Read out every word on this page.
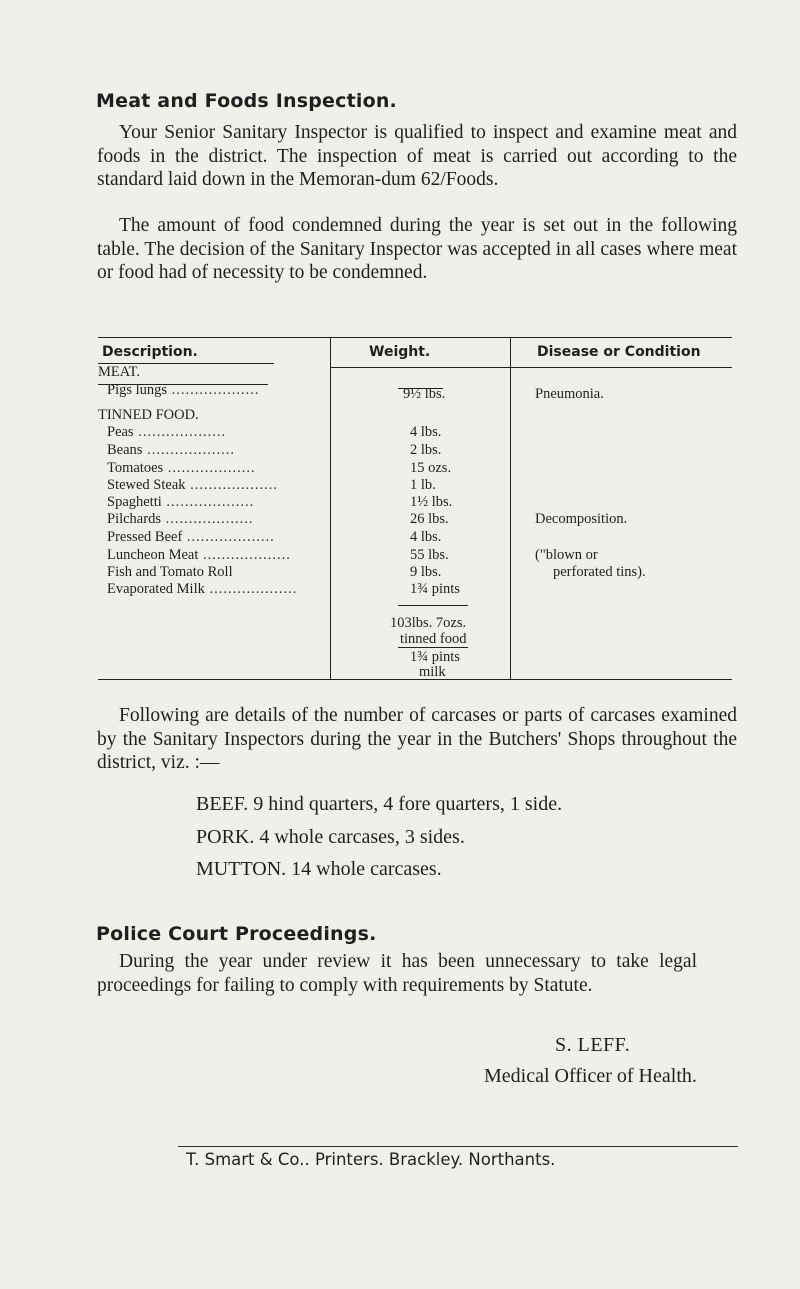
Meat and Foods Inspection.
Your Senior Sanitary Inspector is qualified to inspect and examine meat and foods in the district. The inspection of meat is carried out according to the standard laid down in the Memoran-dum 62/Foods.
The amount of food condemned during the year is set out in the following table. The decision of the Sanitary Inspector was accepted in all cases where meat or food had of necessity to be condemned.
Description.	Weight.	Disease or Condition
MEAT.
Pigs lungs .....	9½ lbs.	Pneumonia.
TINNED FOOD.
Peas .....	4 lbs.
Beans .....	2 lbs.
Tomatoes .....	15 ozs.
Stewed Steak .....	1 lb.
Spaghetti .....	1½ lbs.
Pilchards .....	26 lbs.	Decomposition.
Pressed Beef .....	4 lbs.
Luncheon Meat .....	55 lbs.	("blown or
Fish and Tomato Roll	9 lbs.	perforated tins).
Evaporated Milk .....	1¾ pints
103lbs. 7ozs.
tinned food
1¾ pints
milk
Following are details of the number of carcases or parts of carcases examined by the Sanitary Inspectors during the year in the Butchers' Shops throughout the district, viz. :—
BEEF. 9 hind quarters, 4 fore quarters, 1 side.
PORK. 4 whole carcases, 3 sides.
MUTTON. 14 whole carcases.
Police Court Proceedings.
During the year under review it has been unnecessary to take legal proceedings for failing to comply with requirements by Statute.
S. LEFF.
Medical Officer of Health.
T. Smart & Co.. Printers. Brackley. Northants.
